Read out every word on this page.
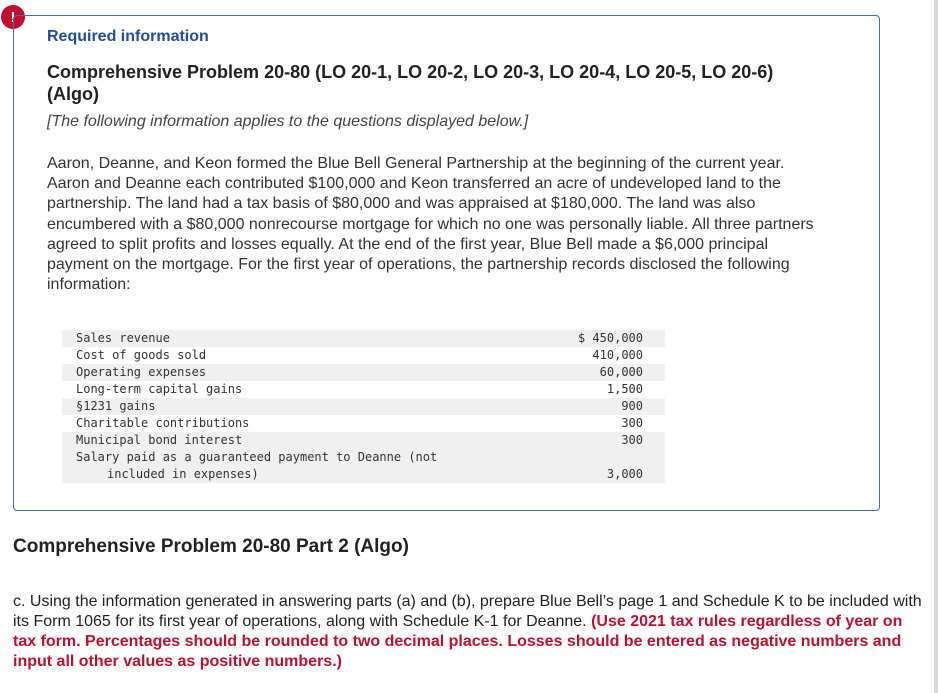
!
Required information
Comprehensive Problem 20-80 (LO 20-1, LO 20-2, LO 20-3, LO 20-4, LO 20-5, LO 20-6) (Algo)
[The following information applies to the questions displayed below.]
Aaron, Deanne, and Keon formed the Blue Bell General Partnership at the beginning of the current year. Aaron and Deanne each contributed $100,000 and Keon transferred an acre of undeveloped land to the partnership. The land had a tax basis of $80,000 and was appraised at $180,000. The land was also encumbered with a $80,000 nonrecourse mortgage for which no one was personally liable. All three partners agreed to split profits and losses equally. At the end of the first year, Blue Bell made a $6,000 principal payment on the mortgage. For the first year of operations, the partnership records disclosed the following information:
Sales revenue	$ 450,000
Cost of goods sold	410,000
Operating expenses	60,000
Long-term capital gains	1,500
§1231 gains	900
Charitable contributions	300
Municipal bond interest	300
Salary paid as a guaranteed payment to Deanne (not
included in expenses)	3,000
Comprehensive Problem 20-80 Part 2 (Algo)
c. Using the information generated in answering parts (a) and (b), prepare Blue Bell’s page 1 and Schedule K to be included with its Form 1065 for its first year of operations, along with Schedule K-1 for Deanne. (Use 2021 tax rules regardless of year on tax form. Percentages should be rounded to two decimal places. Losses should be entered as negative numbers and input all other values as positive numbers.)
